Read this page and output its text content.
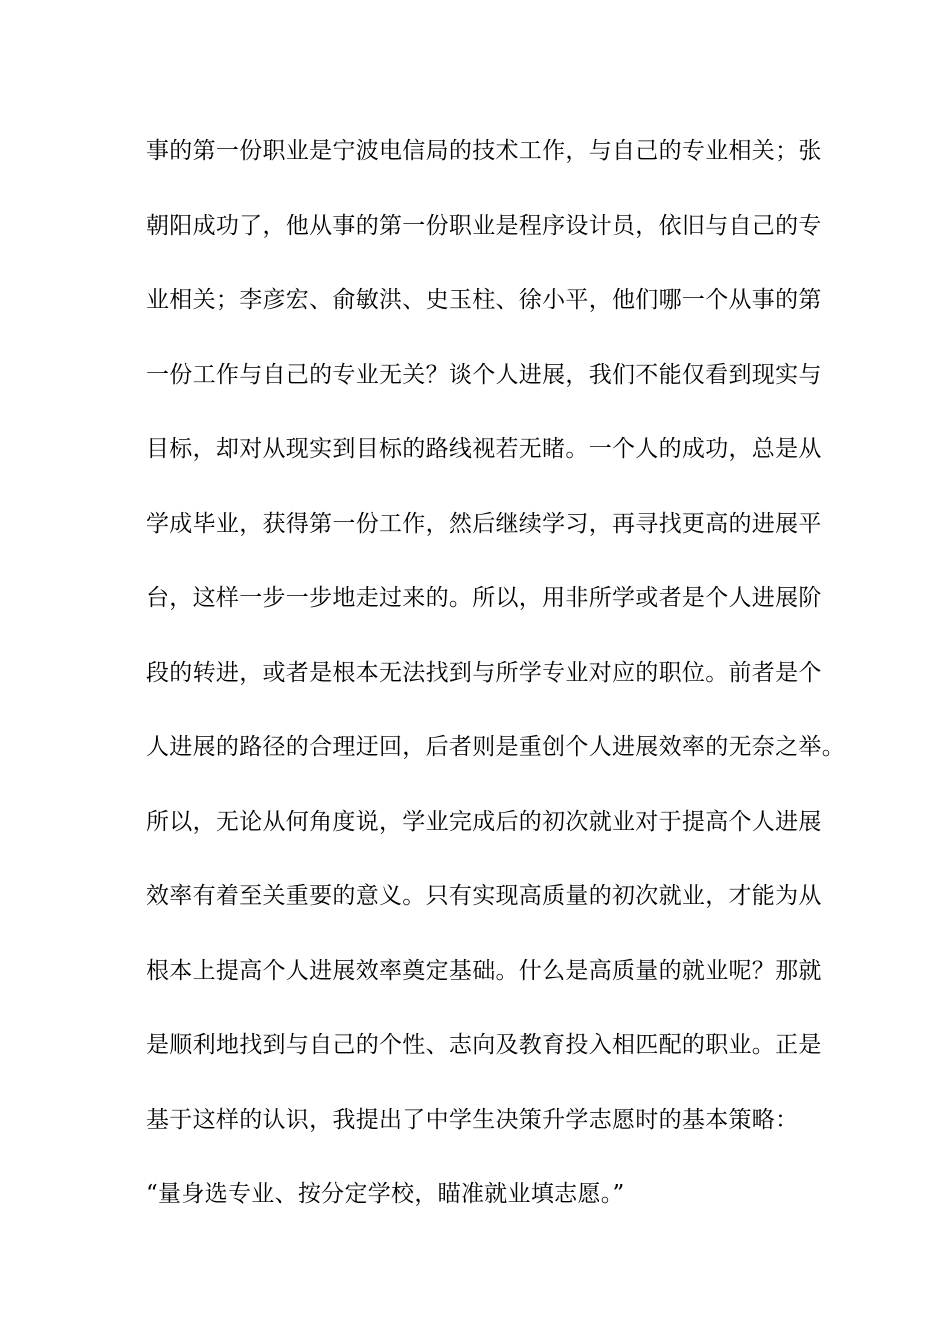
事的第一份职业是宁波电信局的技术工作，与自己的专业相关；张
朝阳成功了，他从事的第一份职业是程序设计员，依旧与自己的专
业相关；李彦宏、俞敏洪、史玉柱、徐小平，他们哪一个从事的第
一份工作与自己的专业无关？谈个人进展，我们不能仅看到现实与
目标，却对从现实到目标的路线视若无睹。一个人的成功，总是从
学成毕业，获得第一份工作，然后继续学习，再寻找更高的进展平
台，这样一步一步地走过来的。所以，用非所学或者是个人进展阶
段的转进，或者是根本无法找到与所学专业对应的职位。前者是个
人进展的路径的合理迂回，后者则是重创个人进展效率的无奈之举。
所以，无论从何角度说，学业完成后的初次就业对于提高个人进展
效率有着至关重要的意义。只有实现高质量的初次就业，才能为从
根本上提高个人进展效率奠定基础。什么是高质量的就业呢？那就
是顺利地找到与自己的个性、志向及教育投入相匹配的职业。正是
基于这样的认识，我提出了中学生决策升学志愿时的基本策略：
“量身选专业、按分定学校，瞄准就业填志愿。”
